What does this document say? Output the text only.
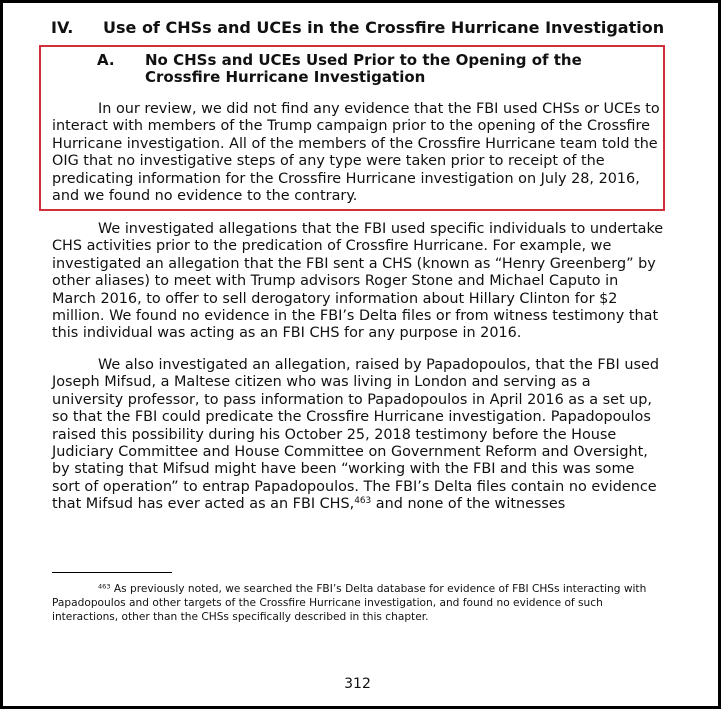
IV. Use of CHSs and UCEs in the Crossfire Hurricane Investigation
A. No CHSs and UCEs Used Prior to the Opening of the Crossfire Hurricane Investigation

In our review, we did not find any evidence that the FBI used CHSs or UCEs to interact with members of the Trump campaign prior to the opening of the Crossfire Hurricane investigation. All of the members of the Crossfire Hurricane team told the OIG that no investigative steps of any type were taken prior to receipt of the predicating information for the Crossfire Hurricane investigation on July 28, 2016, and we found no evidence to the contrary.

We investigated allegations that the FBI used specific individuals to undertake CHS activities prior to the predication of Crossfire Hurricane. For example, we investigated an allegation that the FBI sent a CHS (known as “Henry Greenberg” by other aliases) to meet with Trump advisors Roger Stone and Michael Caputo in March 2016, to offer to sell derogatory information about Hillary Clinton for $2 million. We found no evidence in the FBI’s Delta files or from witness testimony that this individual was acting as an FBI CHS for any purpose in 2016.

We also investigated an allegation, raised by Papadopoulos, that the FBI used Joseph Mifsud, a Maltese citizen who was living in London and serving as a university professor, to pass information to Papadopoulos in April 2016 as a set up, so that the FBI could predicate the Crossfire Hurricane investigation. Papadopoulos raised this possibility during his October 25, 2018 testimony before the House Judiciary Committee and House Committee on Government Reform and Oversight, by stating that Mifsud might have been “working with the FBI and this was some sort of operation” to entrap Papadopoulos. The FBI’s Delta files contain no evidence that Mifsud has ever acted as an FBI CHS,$^{463}$ and none of the witnesses

$^{463}$ As previously noted, we searched the FBI’s Delta database for evidence of FBI CHSs interacting with Papadopoulos and other targets of the Crossfire Hurricane investigation, and found no evidence of such interactions, other than the CHSs specifically described in this chapter.

312
